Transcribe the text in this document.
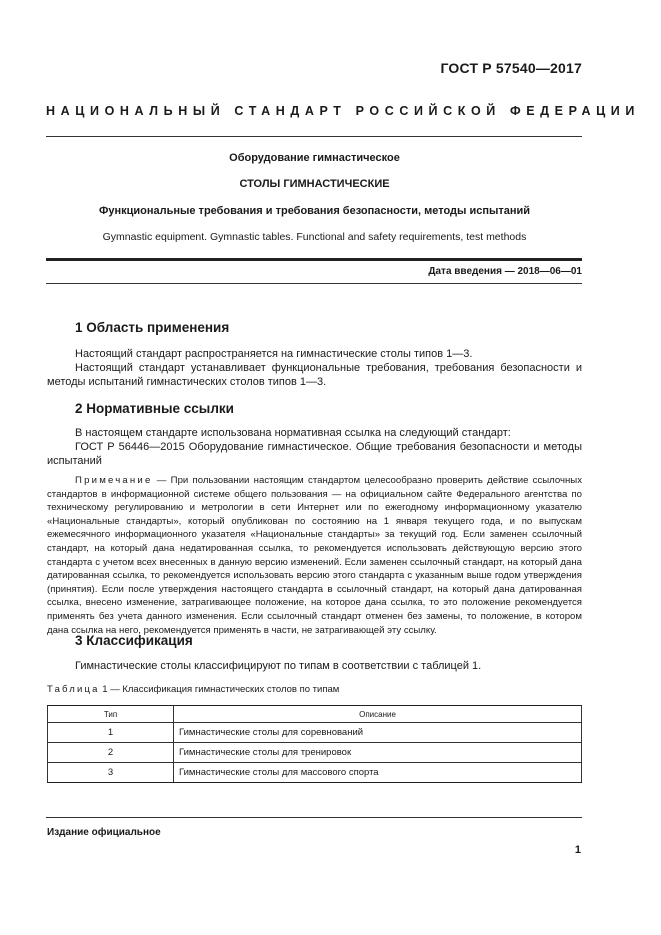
ГОСТ Р 57540—2017
НАЦИОНАЛЬНЫЙ СТАНДАРТ РОССИЙСКОЙ ФЕДЕРАЦИИ
Оборудование гимнастическое
СТОЛЫ ГИМНАСТИЧЕСКИЕ
Функциональные требования и требования безопасности, методы испытаний
Gymnastic equipment. Gymnastic tables. Functional and safety requirements, test methods
Дата введения — 2018—06—01
1 Область применения
Настоящий стандарт распространяется на гимнастические столы типов 1—3.
Настоящий стандарт устанавливает функциональные требования, требования безопасности и методы испытаний гимнастических столов типов 1—3.
2 Нормативные ссылки
В настоящем стандарте использована нормативная ссылка на следующий стандарт:
ГОСТ Р 56446—2015 Оборудование гимнастическое. Общие требования безопасности и методы испытаний
Примечание — При пользовании настоящим стандартом целесообразно проверить действие ссылочных стандартов в информационной системе общего пользования — на официальном сайте Федерального агентства по техническому регулированию и метрологии в сети Интернет или по ежегодному информационному указателю «Национальные стандарты», который опубликован по состоянию на 1 января текущего года, и по выпускам ежемесячного информационного указателя «Национальные стандарты» за текущий год. Если заменен ссылочный стандарт, на который дана недатированная ссылка, то рекомендуется использовать действующую версию этого стандарта с учетом всех внесенных в данную версию изменений. Если заменен ссылочный стандарт, на который дана датированная ссылка, то рекомендуется использовать версию этого стандарта с указанным выше годом утверждения (принятия). Если после утверждения настоящего стандарта в ссылочный стандарт, на который дана датированная ссылка, внесено изменение, затрагивающее положение, на которое дана ссылка, то это положение рекомендуется применять без учета данного изменения. Если ссылочный стандарт отменен без замены, то положение, в котором дана ссылка на него, рекомендуется применять в части, не затрагивающей эту ссылку.
3 Классификация
Гимнастические столы классифицируют по типам в соответствии с таблицей 1.
Таблица 1 — Классификация гимнастических столов по типам
Тип	Описание
1	Гимнастические столы для соревнований
2	Гимнастические столы для тренировок
3	Гимнастические столы для массового спорта
Издание официальное
1
